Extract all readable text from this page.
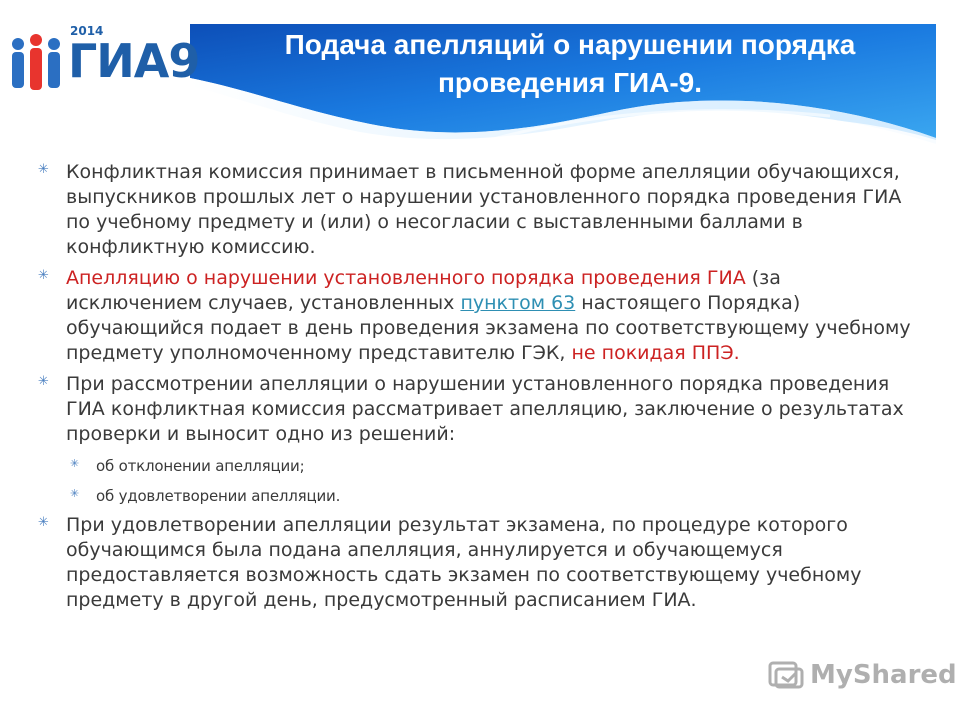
2014
ГИА9	Подача апелляций о нарушении порядка
проведения ГИА-9.
✳ Конфликтная комиссия принимает в письменной форме апелляции обучающихся, выпускников прошлых лет о нарушении установленного порядка проведения ГИА по учебному предмету и (или) о несогласии с выставленными баллами в конфликтную комиссию.

✳ Апелляцию о нарушении установленного порядка проведения ГИА (за исключением случаев, установленных пунктом 63 настоящего Порядка) обучающийся подает в день проведения экзамена по соответствующему учебному предмету уполномоченному представителю ГЭК, не покидая ППЭ.

✳ При рассмотрении апелляции о нарушении установленного порядка проведения ГИА конфликтная комиссия рассматривает апелляцию, заключение о результатах проверки и выносит одно из решений:

✳ об отклонении апелляции;

✳ об удовлетворении апелляции.

✳ При удовлетворении апелляции результат экзамена, по процедуре которого обучающимся была подана апелляция, аннулируется и обучающемуся предоставляется возможность сдать экзамен по соответствующему учебному предмету в другой день, предусмотренный расписанием ГИА.

MyShared
